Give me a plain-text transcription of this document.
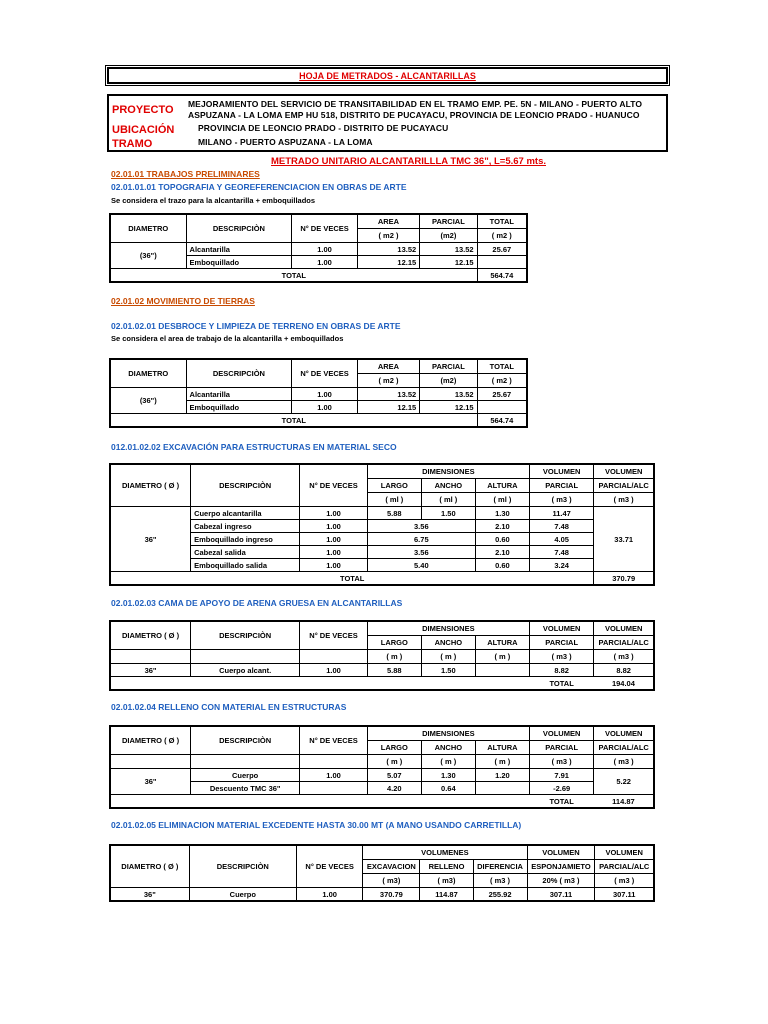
HOJA DE METRADOS - ALCANTARILLAS
PROYECTO MEJORAMIENTO DEL SERVICIO DE TRANSITABILIDAD EN EL TRAMO EMP. PE. 5N - MILANO - PUERTO ALTO
ASPUZANA - LA LOMA EMP HU 518, DISTRITO DE PUCAYACU, PROVINCIA DE LEONCIO PRADO - HUANUCO
UBICACIÓN	PROVINCIA DE LEONCIO PRADO - DISTRITO DE PUCAYACU
TRAMO	MILANO - PUERTO ASPUZANA - LA LOMA
METRADO UNITARIO ALCANTARILLLA TMC 36", L=5.67 mts.
02.01.01 TRABAJOS PRELIMINARES
02.01.01.01 TOPOGRAFIA Y GEOREFERENCIACION EN OBRAS DE ARTE
Se considera el trazo para la alcantarilla + emboquillados
DIAMETRO	DESCRIPCIÒN	N° DE VECES	AREA	PARCIAL	TOTAL
			( m2 )	(m2)	( m2 )
(36")	Alcantarilla	1.00	13.52	13.52	25.67
	Emboquillado	1.00	12.15	12.15	
TOTAL					564.74
02.01.02 MOVIMIENTO DE TIERRAS
02.01.02.01 DESBROCE Y LIMPIEZA DE TERRENO EN OBRAS DE ARTE
Se considera el area de trabajo de la alcantarilla + emboquillados
DIAMETRO	DESCRIPCIÒN	N° DE VECES	AREA	PARCIAL	TOTAL
			( m2 )	(m2)	( m2 )
(36")	Alcantarilla	1.00	13.52	13.52	25.67
	Emboquillado	1.00	12.15	12.15	
TOTAL					564.74
012.01.02.02 EXCAVACIÓN PARA ESTRUCTURAS EN MATERIAL SECO
DIAMETRO ( Ø )	DESCRIPCIÒN	N° DE VECES	DIMENSIONES			VOLUMEN	VOLUMEN
			LARGO	ANCHO	ALTURA	PARCIAL	PARCIAL/ALC
			( ml )	( ml )	( ml )	( m3 )	( m3 )
36"	Cuerpo alcantarilla	1.00	5.88	1.50	1.30	11.47	33.71
	Cabezal ingreso	1.00	3.56		2.10	7.48	
	Emboquillado ingreso	1.00	6.75		0.60	4.05	
	Cabezal salida	1.00	3.56		2.10	7.48	
	Emboquillado salida	1.00	5.40		0.60	3.24	
TOTAL							370.79
02.01.02.03 CAMA DE APOYO DE ARENA GRUESA EN ALCANTARILLAS
DIAMETRO ( Ø )	DESCRIPCIÒN	N° DE VECES	DIMENSIONES			VOLUMEN	VOLUMEN
			LARGO	ANCHO	ALTURA	PARCIAL	PARCIAL/ALC
			( m )	( m )	( m )	( m3 )	( m3 )
36"	Cuerpo alcant.	1.00	5.88	1.50		8.82	8.82
						TOTAL	194.04
02.01.02.04 RELLENO CON MATERIAL EN ESTRUCTURAS
DIAMETRO ( Ø )	DESCRIPCIÒN	N° DE VECES	DIMENSIONES			VOLUMEN	VOLUMEN
			LARGO	ANCHO	ALTURA	PARCIAL	PARCIAL/ALC
			( m )	( m )	( m )	( m3 )	( m3 )
36"	Cuerpo	1.00	5.07	1.30	1.20	7.91	5.22
	Descuento TMC 36"		4.20	0.64		-2.69	
						TOTAL	114.87
02.01.02.05 ELIMINACION MATERIAL EXCEDENTE HASTA 30.00 MT (A MANO USANDO CARRETILLA)
DIAMETRO ( Ø )	DESCRIPCIÒN	N° DE VECES	VOLUMENES			VOLUMEN	VOLUMEN
			EXCAVACION	RELLENO	DIFERENCIA	ESPONJAMIETO	PARCIAL/ALC
			( m3)	( m3)	( m3 )	20% ( m3 )	( m3 )
36"	Cuerpo	1.00	370.79	114.87	255.92	307.11	307.11
